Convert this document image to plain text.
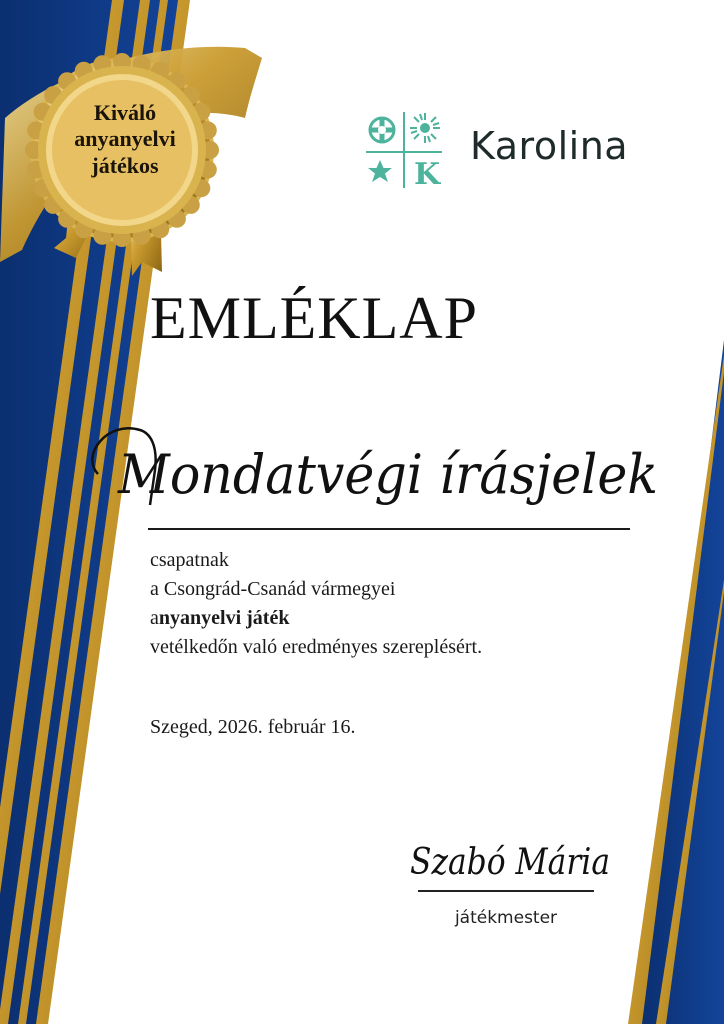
Kiváló
anyanyelvi
játékos	K
Karolina
EMLÉKLAP
Mondatvégi írásjelek
csapatnak
a Csongrád-Csanád vármegyei
anyanyelvi játék
vetélkedőn való eredményes szereplésért.
Szeged, 2026. február 16.
Szabó Mária
játékmester
